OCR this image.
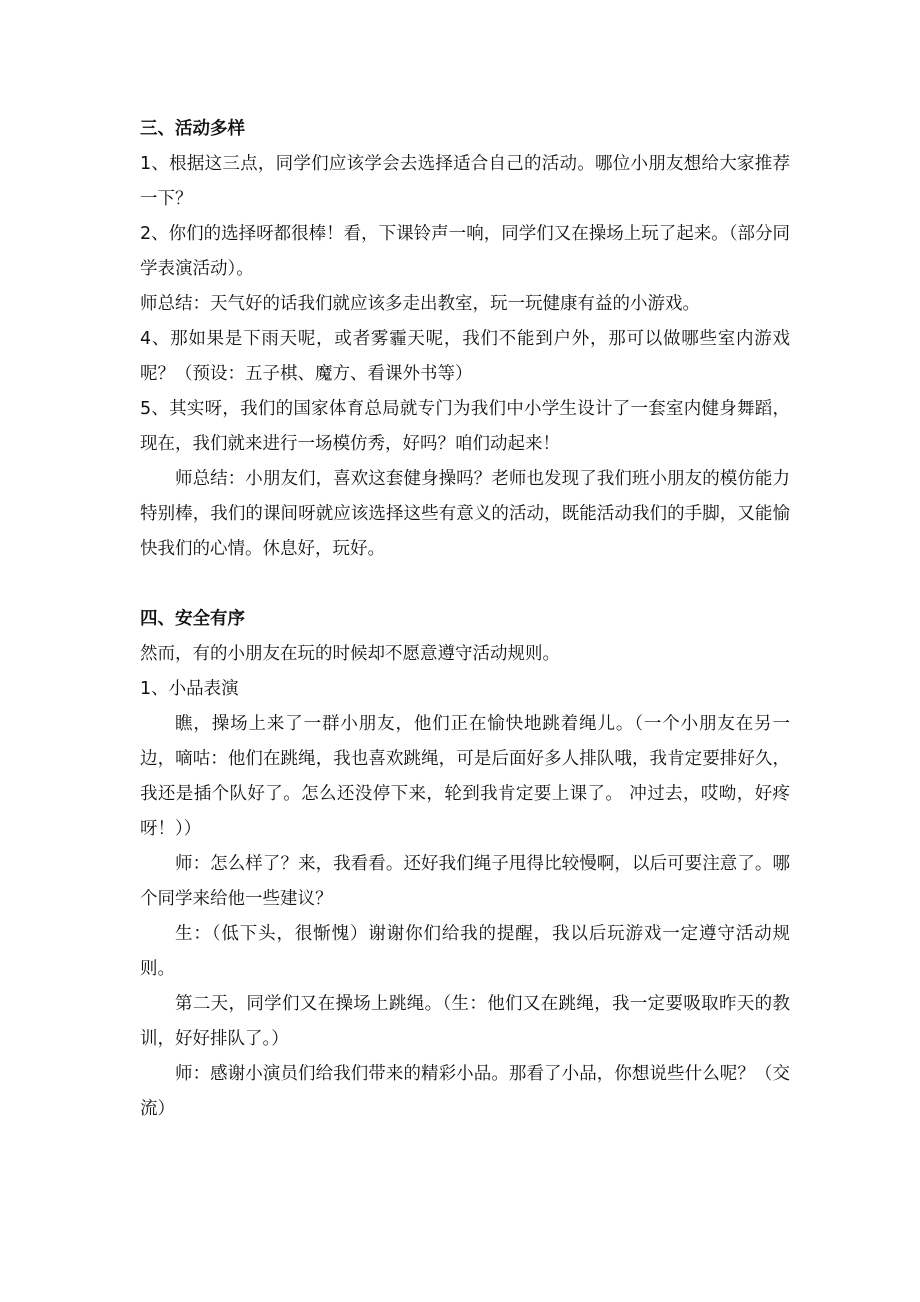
三、活动多样

1、根据这三点，同学们应该学会去选择适合自己的活动。哪位小朋友想给大家推荐一下？

2、你们的选择呀都很棒！看，下课铃声一响，同学们又在操场上玩了起来。（部分同学表演活动）。

师总结：天气好的话我们就应该多走出教室，玩一玩健康有益的小游戏。

4、那如果是下雨天呢，或者雾霾天呢，我们不能到户外，那可以做哪些室内游戏呢？（预设：五子棋、魔方、看课外书等）

5、其实呀，我们的国家体育总局就专门为我们中小学生设计了一套室内健身舞蹈，现在，我们就来进行一场模仿秀，好吗？咱们动起来！

师总结：小朋友们，喜欢这套健身操吗？老师也发现了我们班小朋友的模仿能力特别棒，我们的课间呀就应该选择这些有意义的活动，既能活动我们的手脚，又能愉快我们的心情。休息好，玩好。

四、安全有序

然而，有的小朋友在玩的时候却不愿意遵守活动规则。

1、小品表演

瞧，操场上来了一群小朋友，他们正在愉快地跳着绳儿。（一个小朋友在另一边，嘀咕：他们在跳绳，我也喜欢跳绳，可是后面好多人排队哦，我肯定要排好久，我还是插个队好了。怎么还没停下来，轮到我肯定要上课了。 冲过去，哎呦，好疼呀！））

师：怎么样了？来，我看看。还好我们绳子甩得比较慢啊，以后可要注意了。哪个同学来给他一些建议？

生：（低下头，很惭愧）谢谢你们给我的提醒，我以后玩游戏一定遵守活动规则。

第二天，同学们又在操场上跳绳。（生：他们又在跳绳，我一定要吸取昨天的教训，好好排队了。）

师：感谢小演员们给我们带来的精彩小品。那看了小品，你想说些什么呢？（交流）
